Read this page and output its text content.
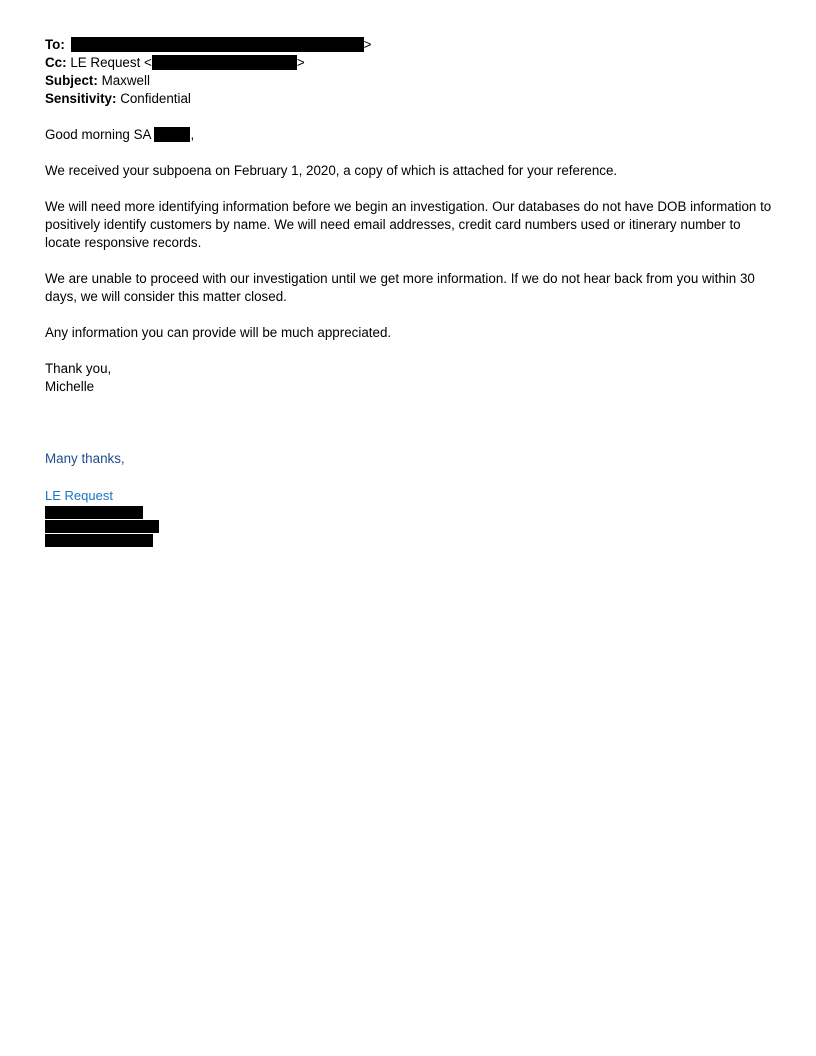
To:	>
Cc: LE Request <	>
Subject: Maxwell
Sensitivity: Confidential
Good morning SA	,
We received your subpoena on February 1, 2020, a copy of which is attached for your reference.
We will need more identifying information before we begin an investigation. Our databases do not have DOB information to positively identify customers by name. We will need email addresses, credit card numbers used or itinerary number to locate responsive records.
We are unable to proceed with our investigation until we get more information. If we do not hear back from you within 30 days, we will consider this matter closed.
Any information you can provide will be much appreciated.
Thank you,
Michelle
Many thanks,
LE Request
